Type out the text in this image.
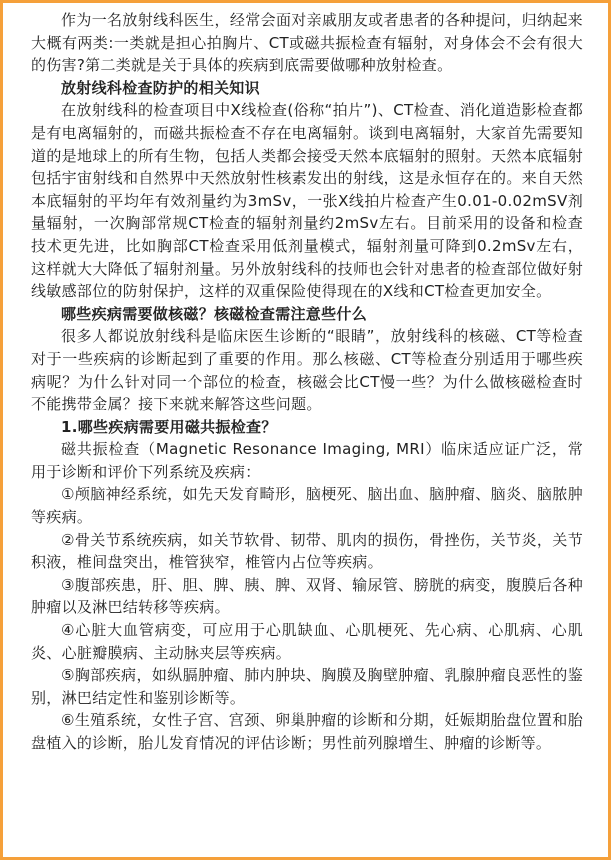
作为一名放射线科医生，经常会面对亲戚朋友或者患者的各种提问，归纳起来大概有两类:一类就是担心拍胸片、CT或磁共振检查有辐射，对身体会不会有很大的伤害?第二类就是关于具体的疾病到底需要做哪种放射检查。

放射线科检查防护的相关知识

在放射线科的检查项目中X线检查(俗称“拍片”)、CT检查、消化道造影检查都是有电离辐射的，而磁共振检查不存在电离辐射。谈到电离辐射，大家首先需要知道的是地球上的所有生物，包括人类都会接受天然本底辐射的照射。天然本底辐射包括宇宙射线和自然界中天然放射性核素发出的射线，这是永恒存在的。来自天然本底辐射的平均年有效剂量约为3mSv，一张X线拍片检查产生0.01-0.02mSV剂量辐射，一次胸部常规CT检查的辐射剂量约2mSv左右。目前采用的设备和检查技术更先进，比如胸部CT检查采用低剂量模式，辐射剂量可降到0.2mSv左右，这样就大大降低了辐射剂量。另外放射线科的技师也会针对患者的检查部位做好射线敏感部位的防射保护，这样的双重保险使得现在的X线和CT检查更加安全。

哪些疾病需要做核磁？核磁检查需注意些什么

很多人都说放射线科是临床医生诊断的“眼睛”，放射线科的核磁、CT等检查对于一些疾病的诊断起到了重要的作用。那么核磁、CT等检查分别适用于哪些疾病呢？为什么针对同一个部位的检查，核磁会比CT慢一些？为什么做核磁检查时不能携带金属？接下来就来解答这些问题。

1.哪些疾病需要用磁共振检查？

磁共振检查（Magnetic Resonance Imaging, MRI）临床适应证广泛，常用于诊断和评价下列系统及疾病：

①颅脑神经系统，如先天发育畸形，脑梗死、脑出血、脑肿瘤、脑炎、脑脓肿等疾病。

②骨关节系统疾病，如关节软骨、韧带、肌肉的损伤，骨挫伤，关节炎，关节积液，椎间盘突出，椎管狭窄，椎管内占位等疾病。

③腹部疾患，肝、胆、脾、胰、脾、双肾、输尿管、膀胱的病变，腹膜后各种肿瘤以及淋巴结转移等疾病。

④心脏大血管病变，可应用于心肌缺血、心肌梗死、先心病、心肌病、心肌炎、心脏瓣膜病、主动脉夹层等疾病。

⑤胸部疾病，如纵膈肿瘤、肺内肿块、胸膜及胸壁肿瘤、乳腺肿瘤良恶性的鉴别，淋巴结定性和鉴别诊断等。

⑥生殖系统，女性子宫、宫颈、卵巢肿瘤的诊断和分期，妊娠期胎盘位置和胎盘植入的诊断，胎儿发育情况的评估诊断；男性前列腺增生、肿瘤的诊断等。
